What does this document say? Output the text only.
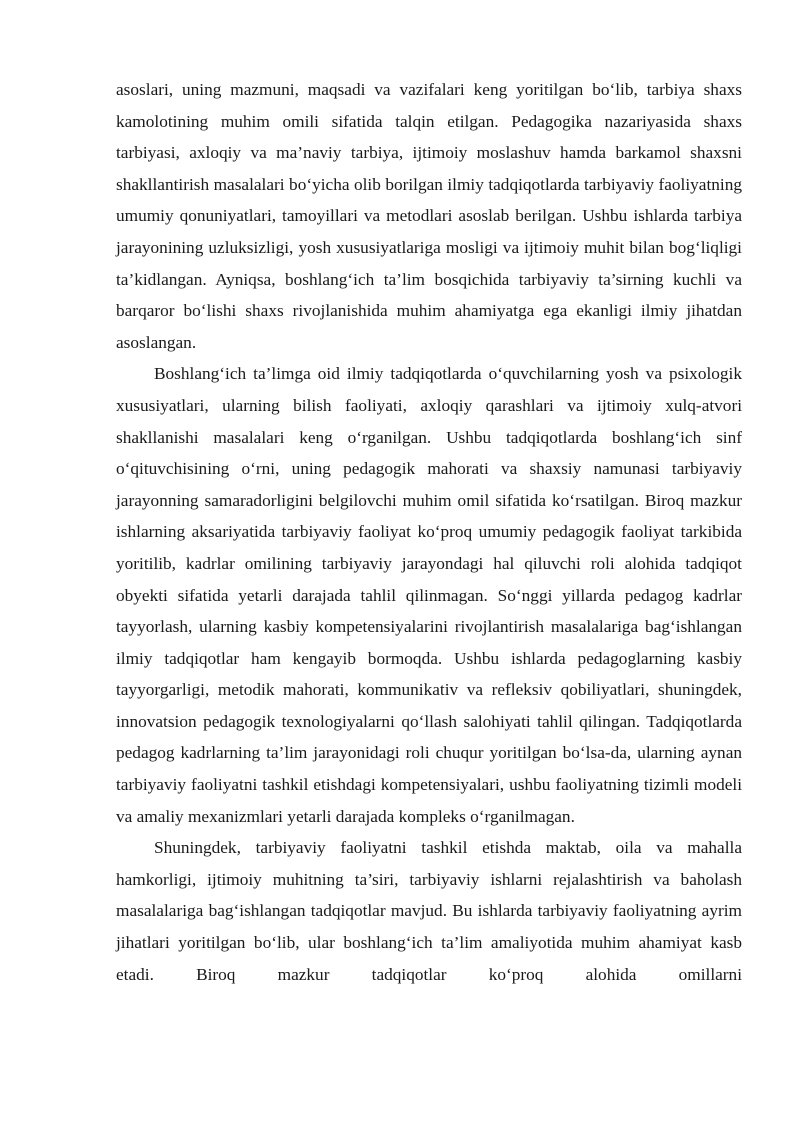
asoslari, uning mazmuni, maqsadi va vazifalari keng yoritilgan bo‘lib, tarbiya shaxs kamolotining muhim omili sifatida talqin etilgan. Pedagogika nazariyasida shaxs tarbiyasi, axloqiy va ma’naviy tarbiya, ijtimoiy moslashuv hamda barkamol shaxsni shakllantirish masalalari bo‘yicha olib borilgan ilmiy tadqiqotlarda tarbiyaviy faoliyatning umumiy qonuniyatlari, tamoyillari va metodlari asoslab berilgan. Ushbu ishlarda tarbiya jarayonining uzluksizligi, yosh xususiyatlariga mosligi va ijtimoiy muhit bilan bog‘liqligi ta’kidlangan. Ayniqsa, boshlang‘ich ta’lim bosqichida tarbiyaviy ta’sirning kuchli va barqaror bo‘lishi shaxs rivojlanishida muhim ahamiyatga ega ekanligi ilmiy jihatdan asoslangan.

Boshlang‘ich ta’limga oid ilmiy tadqiqotlarda o‘quvchilarning yosh va psixologik xususiyatlari, ularning bilish faoliyati, axloqiy qarashlari va ijtimoiy xulq-atvori shakllanishi masalalari keng o‘rganilgan. Ushbu tadqiqotlarda boshlang‘ich sinf o‘qituvchisining o‘rni, uning pedagogik mahorati va shaxsiy namunasi tarbiyaviy jarayonning samaradorligini belgilovchi muhim omil sifatida ko‘rsatilgan. Biroq mazkur ishlarning aksariyatida tarbiyaviy faoliyat ko‘proq umumiy pedagogik faoliyat tarkibida yoritilib, kadrlar omilining tarbiyaviy jarayondagi hal qiluvchi roli alohida tadqiqot obyekti sifatida yetarli darajada tahlil qilinmagan. So‘nggi yillarda pedagog kadrlar tayyorlash, ularning kasbiy kompetensiyalarini rivojlantirish masalalariga bag‘ishlangan ilmiy tadqiqotlar ham kengayib bormoqda. Ushbu ishlarda pedagoglarning kasbiy tayyorgarligi, metodik mahorati, kommunikativ va refleksiv qobiliyatlari, shuningdek, innovatsion pedagogik texnologiyalarni qo‘llash salohiyati tahlil qilingan. Tadqiqotlarda pedagog kadrlarning ta’lim jarayonidagi roli chuqur yoritilgan bo‘lsa-da, ularning aynan tarbiyaviy faoliyatni tashkil etishdagi kompetensiyalari, ushbu faoliyatning tizimli modeli va amaliy mexanizmlari yetarli darajada kompleks o‘rganilmagan.

Shuningdek, tarbiyaviy faoliyatni tashkil etishda maktab, oila va mahalla hamkorligi, ijtimoiy muhitning ta’siri, tarbiyaviy ishlarni rejalashtirish va baholash masalalariga bag‘ishlangan tadqiqotlar mavjud. Bu ishlarda tarbiyaviy faoliyatning ayrim jihatlari yoritilgan bo‘lib, ular boshlang‘ich ta’lim amaliyotida muhim ahamiyat kasb etadi. Biroq mazkur tadqiqotlar ko‘proq alohida omillarni
